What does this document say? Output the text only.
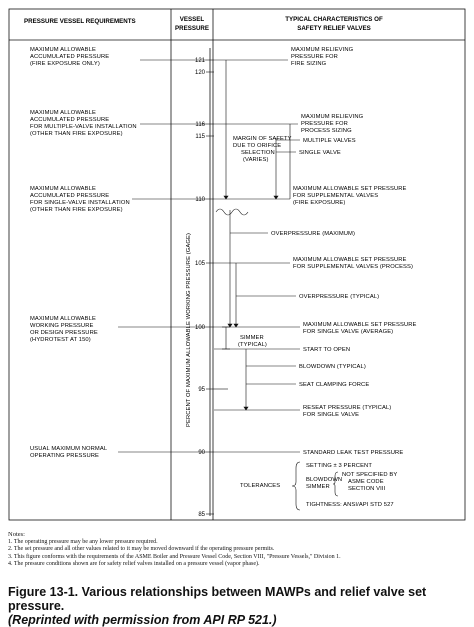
PRESSURE VESSEL REQUIREMENTS	VESSEL
PRESSURE
TYPICAL CHARACTERISTICS OF
SAFETY RELIEF VALVES
PERCENT OF MAXIMUM ALLOWABLE WORKING PRESSURE (GAGE)
121
120
116
115
110
105
100
95
90
85
MAXIMUM ALLOWABLE
ACCUMULATED PRESSURE
(FIRE EXPOSURE ONLY)
MAXIMUM ALLOWABLE
ACCUMULATED PRESSURE
FOR MULTIPLE-VALVE INSTALLATION
(OTHER THAN FIRE EXPOSURE)
MAXIMUM ALLOWABLE
ACCUMULATED PRESSURE
FOR SINGLE-VALVE INSTALLATION
(OTHER THAN FIRE EXPOSURE)
MAXIMUM ALLOWABLE
WORKING PRESSURE
OR DESIGN PRESSURE
(HYDROTEST AT 150)
USUAL MAXIMUM NORMAL
OPERATING PRESSURE
MAXIMUM RELIEVING
PRESSURE FOR
FIRE SIZING
MAXIMUM RELIEVING
PRESSURE FOR
PROCESS SIZING
MULTIPLE VALVES
SINGLE VALVE
MARGIN OF SAFETY
DUE TO ORIFICE
SELECTION
(VARIES)
MAXIMUM ALLOWABLE SET PRESSURE
FOR SUPPLEMENTAL VALVES
(FIRE EXPOSURE)
OVERPRESSURE (MAXIMUM)
MAXIMUM ALLOWABLE SET PRESSURE
FOR SUPPLEMENTAL VALVES (PROCESS)
OVERPRESSURE (TYPICAL)
MAXIMUM ALLOWABLE SET PRESSURE
FOR SINGLE VALVE (AVERAGE)
SIMMER
(TYPICAL)
START TO OPEN
BLOWDOWN (TYPICAL)
SEAT CLAMPING FORCE
RESEAT PRESSURE (TYPICAL)
FOR SINGLE VALVE
STANDARD LEAK TEST PRESSURE
SETTING ± 3 PERCENT
TOLERANCES
BLOWDOWN
SIMMER
NOT SPECIFIED BY
ASME CODE
SECTION VIII
TIGHTNESS: ANSI/API STD 527
Notes:
1. The operating pressure may be any lower pressure required.
2. The set pressure and all other values related to it may be moved downward if the operating pressure permits.
3. This figure conforms with the requirements of the ASME Boiler and Pressure Vessel Code, Section VIII, "Pressure Vessels," Division 1.
4. The pressure conditions shown are for safety relief valves installed on a pressure vessel (vapor phase).
Figure 13-1. Various relationships between MAWPs and relief valve set pressure.
(Reprinted with permission from API RP 521.)
